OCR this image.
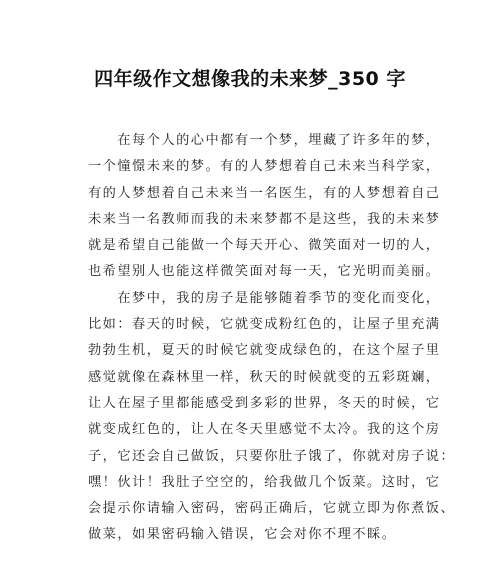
四年级作文想像我的未来梦_350 字
　　在每个人的心中都有一个梦，埋藏了许多年的梦，
一个憧憬未来的梦。有的人梦想着自己未来当科学家，
有的人梦想着自己未来当一名医生，有的人梦想着自己
未来当一名教师而我的未来梦都不是这些，我的未来梦
就是希望自己能做一个每天开心、微笑面对一切的人，
也希望别人也能这样微笑面对每一天，它光明而美丽。
　　在梦中，我的房子是能够随着季节的变化而变化，
比如：春天的时候，它就变成粉红色的，让屋子里充满
勃勃生机，夏天的时候它就变成绿色的，在这个屋子里
感觉就像在森林里一样，秋天的时候就变的五彩斑斓，
让人在屋子里都能感受到多彩的世界，冬天的时候，它
就变成红色的，让人在冬天里感觉不太冷。我的这个房
子，它还会自己做饭，只要你肚子饿了，你就对房子说：
嘿！伙计！我肚子空空的，给我做几个饭菜。这时，它
会提示你请输入密码，密码正确后，它就立即为你煮饭、
做菜，如果密码输入错误，它会对你不理不睬。
